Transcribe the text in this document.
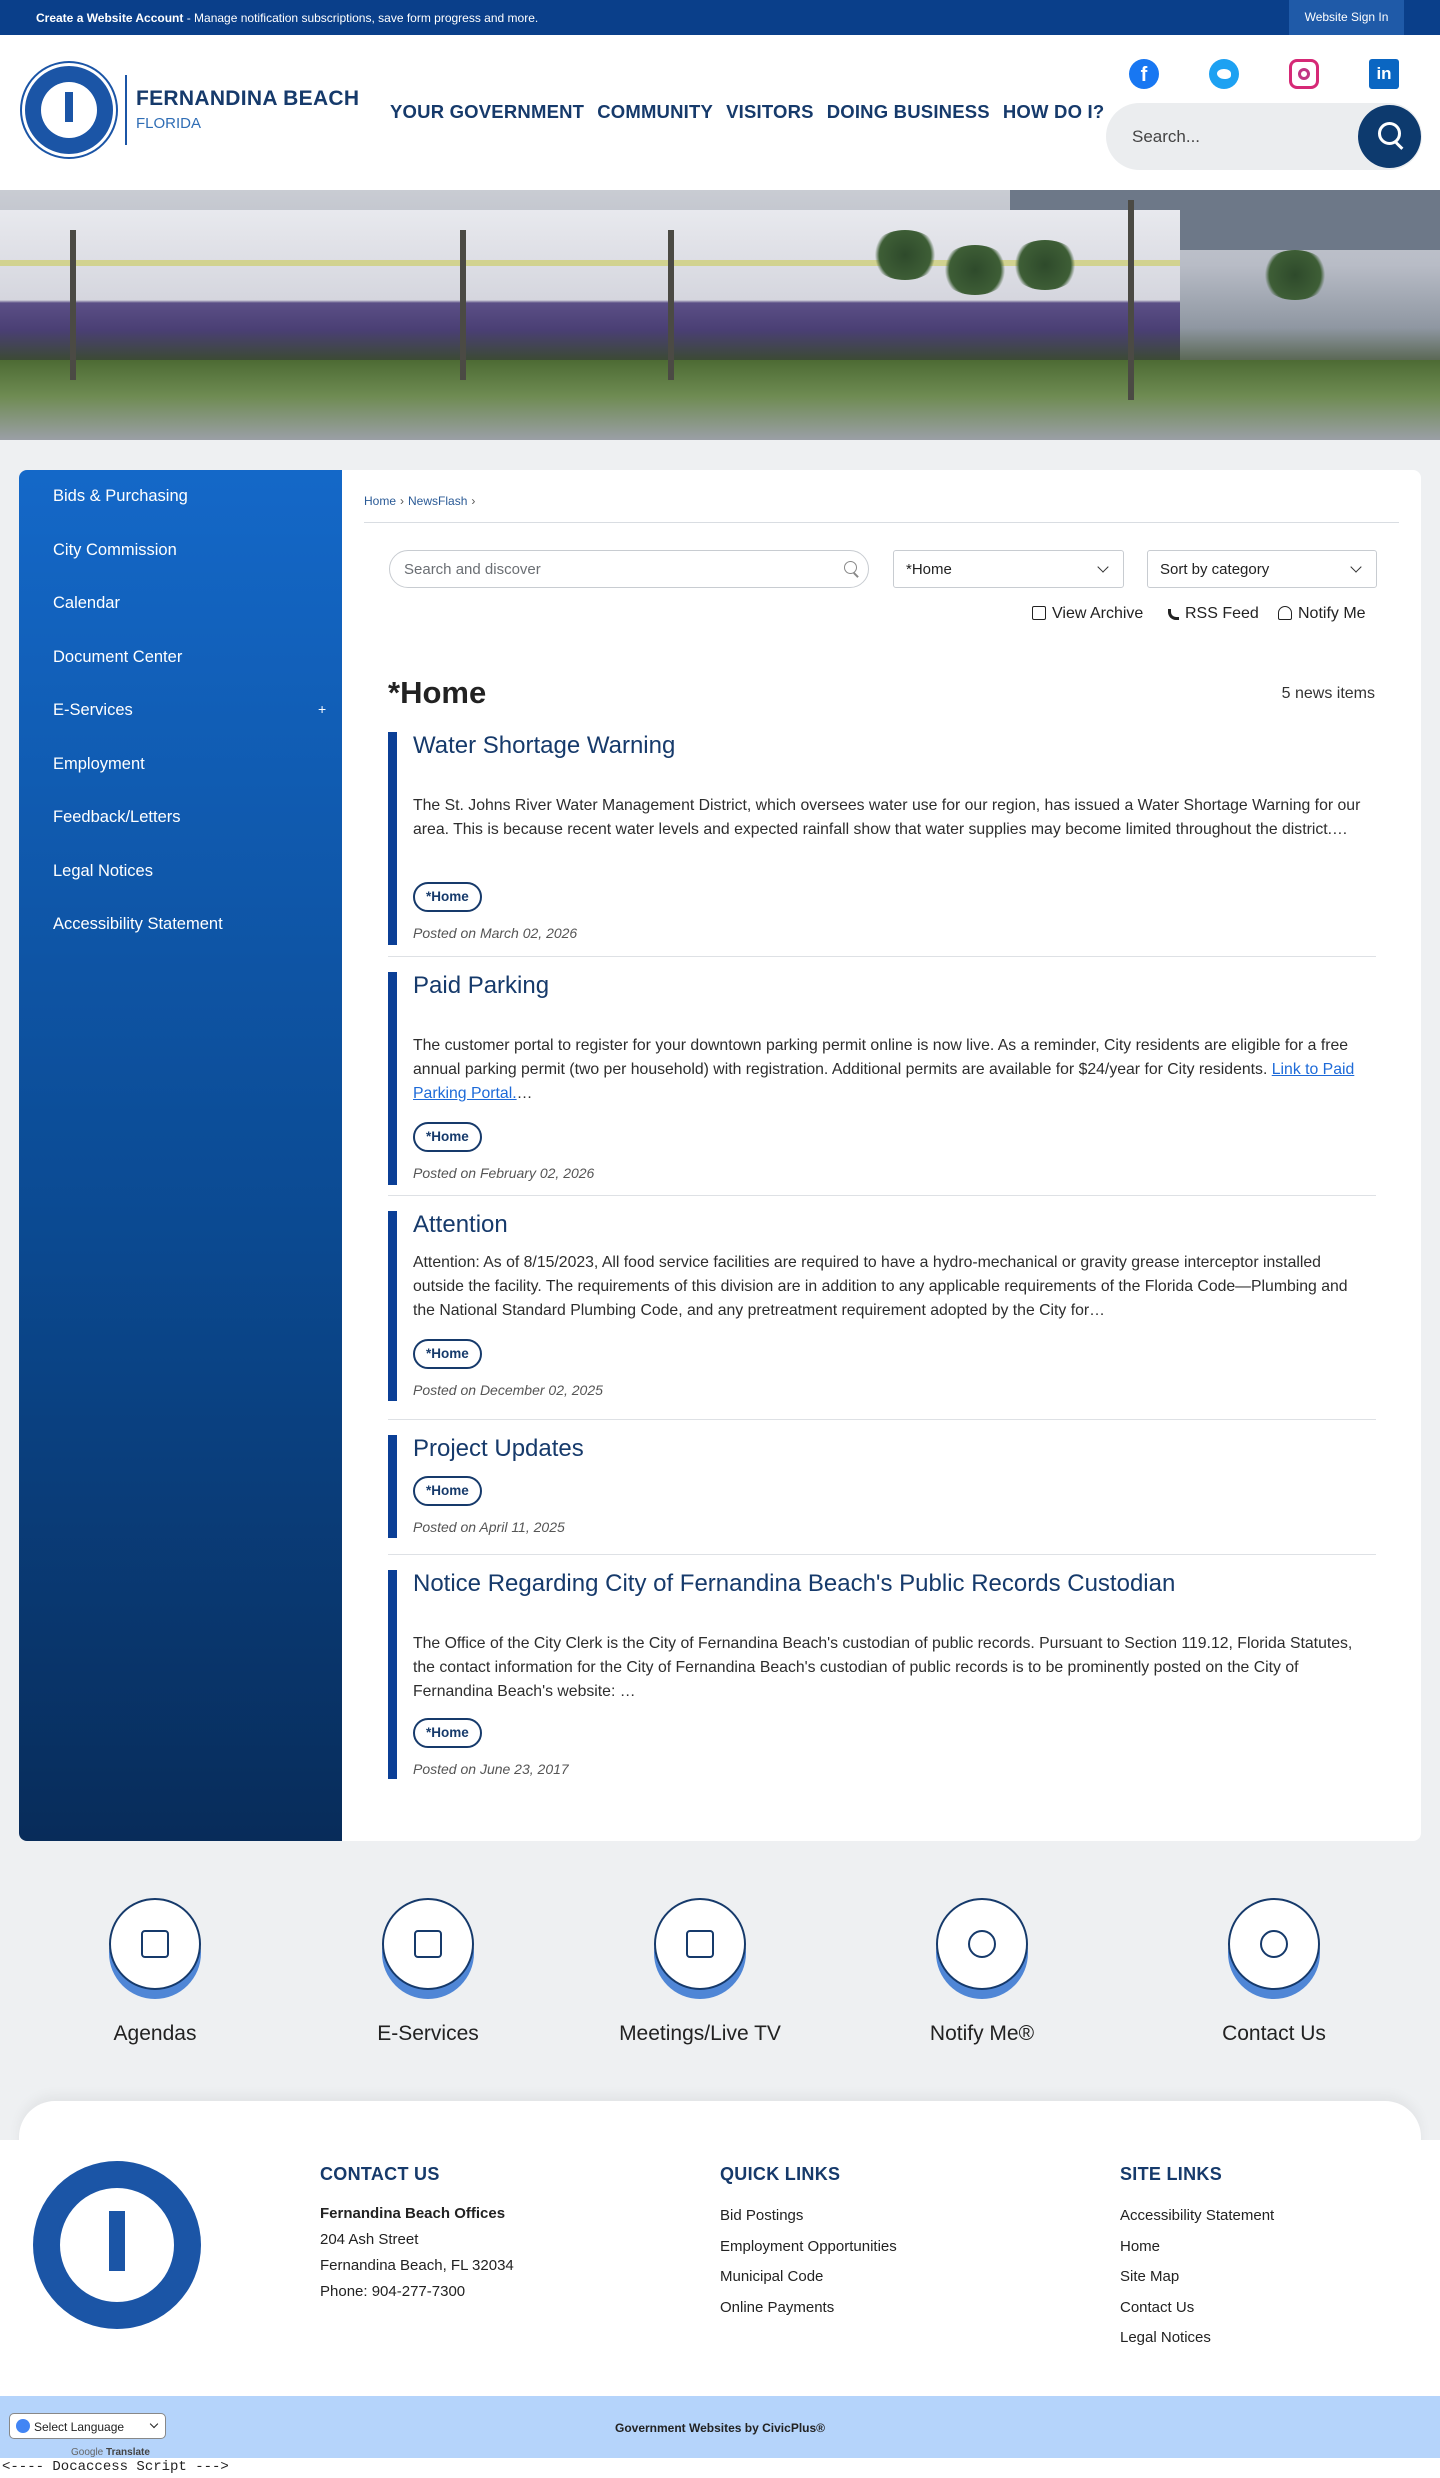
Create a Website Account - Manage notification subscriptions, save form progress and more.	Website Sign In
FERNANDINA BEACH
FLORIDA
YOUR GOVERNMENT COMMUNITY VISITORS DOING BUSINESS HOW DO I?
f	in
Search...
Bids & Purchasing
City Commission
Calendar
Document Center
E-Services	+
Employment
Feedback/Letters
Legal Notices
Accessibility Statement
Home › NewsFlash ›
Search and discover	*Home	Sort by category
View Archive	RSS Feed	Notify Me
*Home	5 news items
Water Shortage Warning

The St. Johns River Water Management District, which oversees water use for our region, has issued a Water Shortage Warning for our area. This is because recent water levels and expected rainfall show that water supplies may become limited throughout the district.…

*Home
Posted on March 02, 2026
Paid Parking

The customer portal to register for your downtown parking permit online is now live. As a reminder, City residents are eligible for a free annual parking permit (two per household) with registration. Additional permits are available for $24/year for City residents. Link to Paid Parking Portal.…

*Home
Posted on February 02, 2026
Attention

Attention: As of 8/15/2023, All food service facilities are required to have a hydro-mechanical or gravity grease interceptor installed outside the facility. The requirements of this division are in addition to any applicable requirements of the Florida Code—Plumbing and the National Standard Plumbing Code, and any pretreatment requirement adopted by the City for…

*Home
Posted on December 02, 2025
Project Updates
*Home
Posted on April 11, 2025
Notice Regarding City of Fernandina Beach's Public Records Custodian

The Office of the City Clerk is the City of Fernandina Beach's custodian of public records. Pursuant to Section 119.12, Florida Statutes, the contact information for the City of Fernandina Beach's custodian of public records is to be prominently posted on the City of Fernandina Beach's website: …

*Home
Posted on June 23, 2017
Agendas	E-Services	Meetings/Live TV	Notify Me®	Contact Us
CONTACT US
Fernandina Beach Offices
204 Ash Street
Fernandina Beach, FL 32034
Phone: 904-277-7300
QUICK LINKS
Bid Postings
Employment Opportunities
Municipal Code
Online Payments
SITE LINKS
Accessibility Statement
Home
Site Map
Contact Us
Legal Notices
Government Websites by CivicPlus®
Select Language
Google Translate
<---- Docaccess Script --->
